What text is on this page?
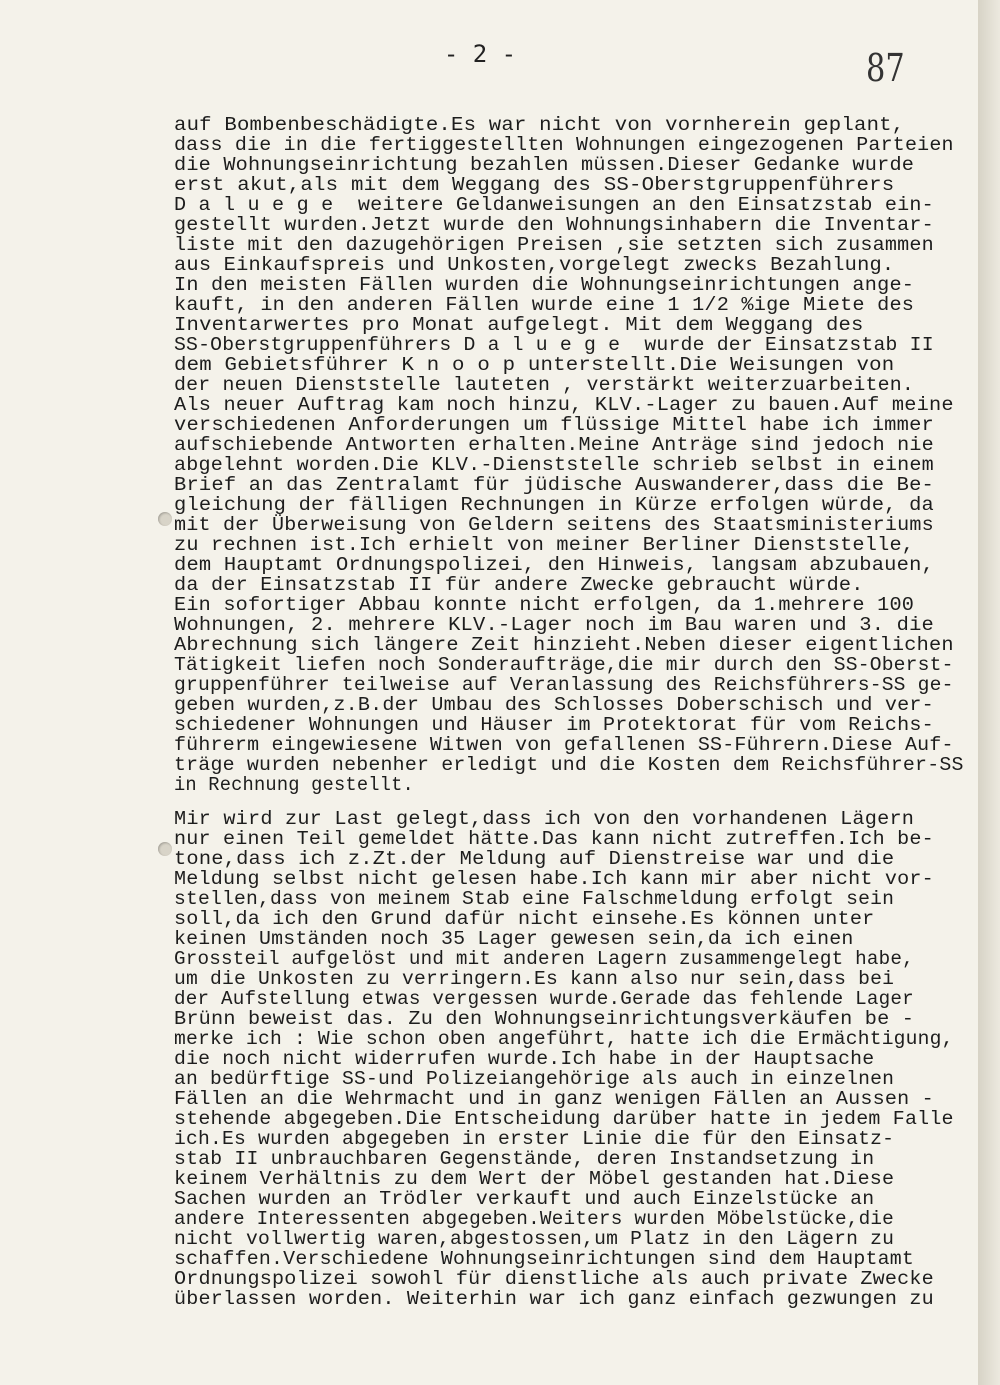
- 2 -	87
auf Bombenbeschädigte.Es war nicht von vornherein geplant,
dass die in die fertiggestellten Wohnungen eingezogenen Parteien
die Wohnungseinrichtung bezahlen müssen.Dieser Gedanke wurde
erst akut,als mit dem Weggang des SS-Oberstgruppenführers
D a l u e g e  weitere Geldanweisungen an den Einsatzstab ein-
gestellt wurden.Jetzt wurde den Wohnungsinhabern die Inventar-
liste mit den dazugehörigen Preisen ,sie setzten sich zusammen
aus Einkaufspreis und Unkosten,vorgelegt zwecks Bezahlung.
In den meisten Fällen wurden die Wohnungseinrichtungen ange-
kauft, in den anderen Fällen wurde eine 1 1/2 %ige Miete des
Inventarwertes pro Monat aufgelegt. Mit dem Weggang des
SS-Oberstgruppenführers D a l u e g e  wurde der Einsatzstab II
dem Gebietsführer K n o o p unterstellt.Die Weisungen von
der neuen Dienststelle lauteten , verstärkt weiterzuarbeiten.
Als neuer Auftrag kam noch hinzu, KLV.-Lager zu bauen.Auf meine
verschiedenen Anforderungen um flüssige Mittel habe ich immer
aufschiebende Antworten erhalten.Meine Anträge sind jedoch nie
abgelehnt worden.Die KLV.-Dienststelle schrieb selbst in einem
Brief an das Zentralamt für jüdische Auswanderer,dass die Be-
gleichung der fälligen Rechnungen in Kürze erfolgen würde, da
mit der Überweisung von Geldern seitens des Staatsministeriums
zu rechnen ist.Ich erhielt von meiner Berliner Dienststelle,
dem Hauptamt Ordnungspolizei, den Hinweis, langsam abzubauen,
da der Einsatzstab II für andere Zwecke gebraucht würde.
Ein sofortiger Abbau konnte nicht erfolgen, da 1.mehrere 100
Wohnungen, 2. mehrere KLV.-Lager noch im Bau waren und 3. die
Abrechnung sich längere Zeit hinzieht.Neben dieser eigentlichen
Tätigkeit liefen noch Sonderaufträge,die mir durch den SS-Oberst-
gruppenführer teilweise auf Veranlassung des Reichsführers-SS ge-
geben wurden,z.B.der Umbau des Schlosses Doberschisch und ver-
schiedener Wohnungen und Häuser im Protektorat für vom Reichs-
führerm eingewiesene Witwen von gefallenen SS-Führern.Diese Auf-
träge wurden nebenher erledigt und die Kosten dem Reichsführer-SS
in Rechnung gestellt.
Mir wird zur Last gelegt,dass ich von den vorhandenen Lägern
nur einen Teil gemeldet hätte.Das kann nicht zutreffen.Ich be-
tone,dass ich z.Zt.der Meldung auf Dienstreise war und die
Meldung selbst nicht gelesen habe.Ich kann mir aber nicht vor-
stellen,dass von meinem Stab eine Falschmeldung erfolgt sein
soll,da ich den Grund dafür nicht einsehe.Es können unter
keinen Umständen noch 35 Lager gewesen sein,da ich einen
Grossteil aufgelöst und mit anderen Lagern zusammengelegt habe,
um die Unkosten zu verringern.Es kann also nur sein,dass bei
der Aufstellung etwas vergessen wurde.Gerade das fehlende Lager
Brünn beweist das. Zu den Wohnungseinrichtungsverkäufen be -
merke ich : Wie schon oben angeführt, hatte ich die Ermächtigung,
die noch nicht widerrufen wurde.Ich habe in der Hauptsache
an bedürftige SS-und Polizeiangehörige als auch in einzelnen
Fällen an die Wehrmacht und in ganz wenigen Fällen an Aussen -
stehende abgegeben.Die Entscheidung darüber hatte in jedem Falle
ich.Es wurden abgegeben in erster Linie die für den Einsatz-
stab II unbrauchbaren Gegenstände, deren Instandsetzung in
keinem Verhältnis zu dem Wert der Möbel gestanden hat.Diese
Sachen wurden an Trödler verkauft und auch Einzelstücke an
andere Interessenten abgegeben.Weiters wurden Möbelstücke,die
nicht vollwertig waren,abgestossen,um Platz in den Lägern zu
schaffen.Verschiedene Wohnungseinrichtungen sind dem Hauptamt
Ordnungspolizei sowohl für dienstliche als auch private Zwecke
überlassen worden. Weiterhin war ich ganz einfach gezwungen zu
